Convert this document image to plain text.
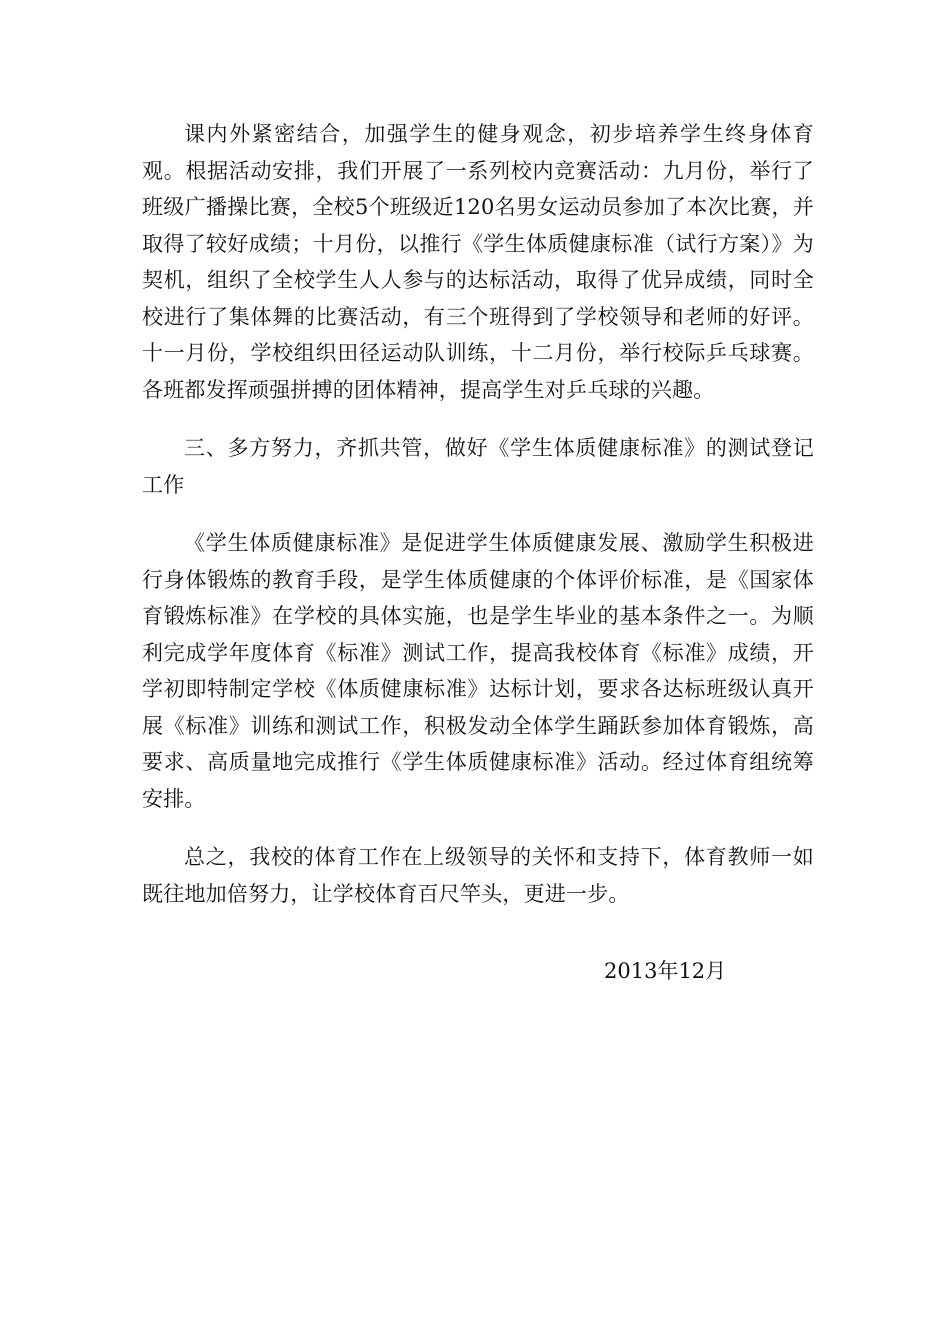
课内外紧密结合，加强学生的健身观念，初步培养学生终身体育观。根据活动安排，我们开展了一系列校内竞赛活动：九月份，举行了班级广播操比赛，全校5个班级近120名男女运动员参加了本次比赛，并取得了较好成绩；十月份，以推行《学生体质健康标准（试行方案）》为契机，组织了全校学生人人参与的达标活动，取得了优异成绩，同时全校进行了集体舞的比赛活动，有三个班得到了学校领导和老师的好评。十一月份，学校组织田径运动队训练，十二月份，举行校际乒乓球赛。各班都发挥顽强拼搏的团体精神，提高学生对乒乓球的兴趣。

三、多方努力，齐抓共管，做好《学生体质健康标准》的测试登记工作

《学生体质健康标准》是促进学生体质健康发展、激励学生积极进行身体锻炼的教育手段，是学生体质健康的个体评价标准，是《国家体育锻炼标准》在学校的具体实施，也是学生毕业的基本条件之一。为顺利完成学年度体育《标准》测试工作，提高我校体育《标准》成绩，开学初即特制定学校《体质健康标准》达标计划，要求各达标班级认真开展《标准》训练和测试工作，积极发动全体学生踊跃参加体育锻炼，高要求、高质量地完成推行《学生体质健康标准》活动。经过体育组统筹安排。

总之，我校的体育工作在上级领导的关怀和支持下，体育教师一如既往地加倍努力，让学校体育百尺竿头，更进一步。

2013年12月
